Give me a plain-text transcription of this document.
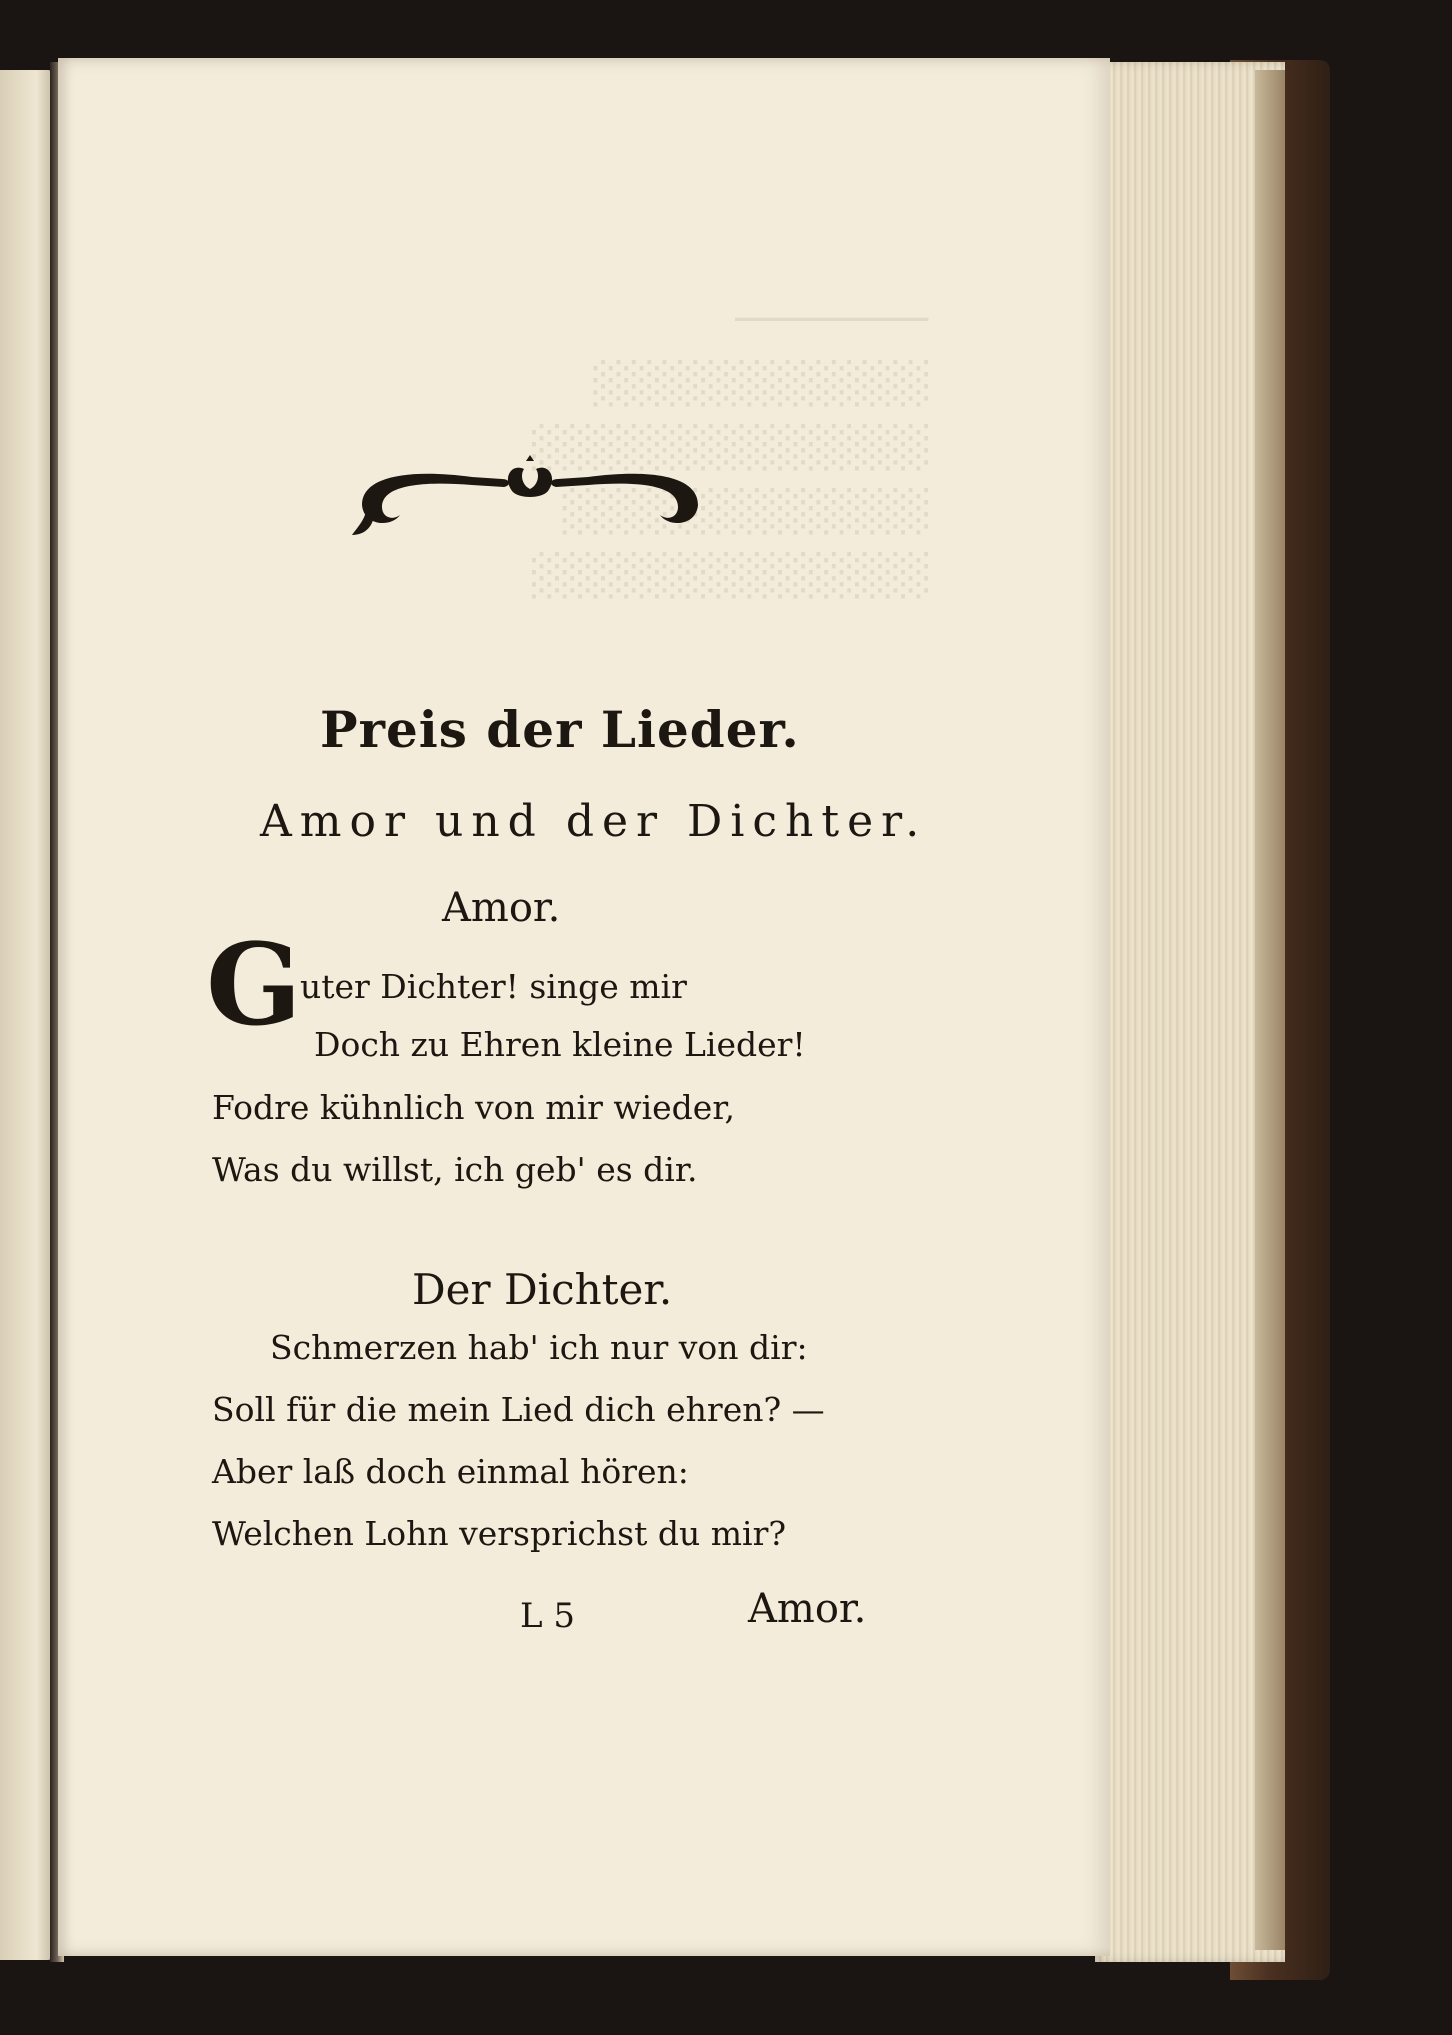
────────
░░░░░░░░░░░
░░░░░░░░░░░░░
░░░░░░░░░░░░
░░░░░░░░░░░░░
Preis der Lieder.
Amor und der Dichter.
Amor.
G
uter Dichter! singe mir
Doch zu Ehren kleine Lieder!
Fodre kühnlich von mir wieder,
Was du willst, ich geb' es dir.
Der Dichter.
Schmerzen hab' ich nur von dir:
Soll für die mein Lied dich ehren? —
Aber laß doch einmal hören:
Welchen Lohn versprichst du mir?
L 5	Amor.
